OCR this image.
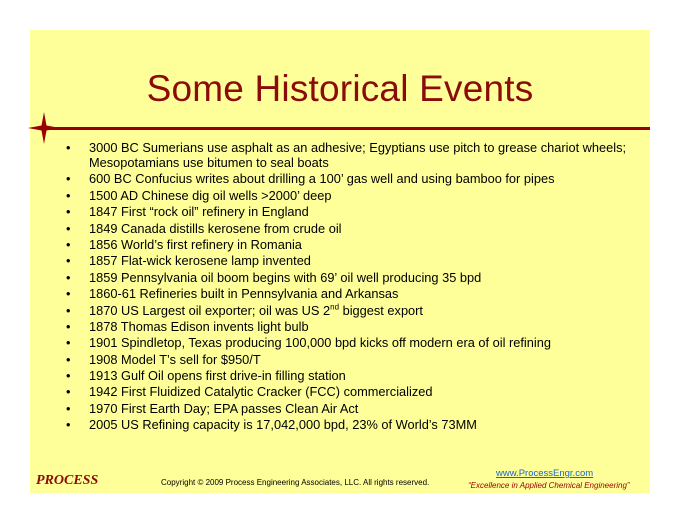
Some Historical Events
• 3000 BC Sumerians use asphalt as an adhesive; Egyptians use pitch to grease chariot wheels; Mesopotamians use bitumen to seal boats
• 600 BC Confucius writes about drilling a 100’ gas well and using bamboo for pipes
• 1500 AD Chinese dig oil wells >2000’ deep
• 1847 First “rock oil” refinery in England
• 1849 Canada distills kerosene from crude oil
• 1856 World’s first refinery in Romania
• 1857 Flat-wick kerosene lamp invented
• 1859 Pennsylvania oil boom begins with 69’ oil well producing 35 bpd
• 1860-61 Refineries built in Pennsylvania and Arkansas
• 1870 US Largest oil exporter; oil was US 2nd biggest export
• 1878 Thomas Edison invents light bulb
• 1901 Spindletop, Texas producing 100,000 bpd kicks off modern era of oil refining
• 1908 Model T’s sell for $950/T
• 1913 Gulf Oil opens first drive-in filling station
• 1942 First Fluidized Catalytic Cracker (FCC) commercialized
• 1970 First Earth Day; EPA passes Clean Air Act
• 2005 US Refining capacity is 17,042,000 bpd, 23% of World’s 73MM
PROCESS	Copyright © 2009 Process Engineering Associates, LLC. All rights reserved.
www.ProcessEngr.com
“Excellence in Applied Chemical Engineering”
